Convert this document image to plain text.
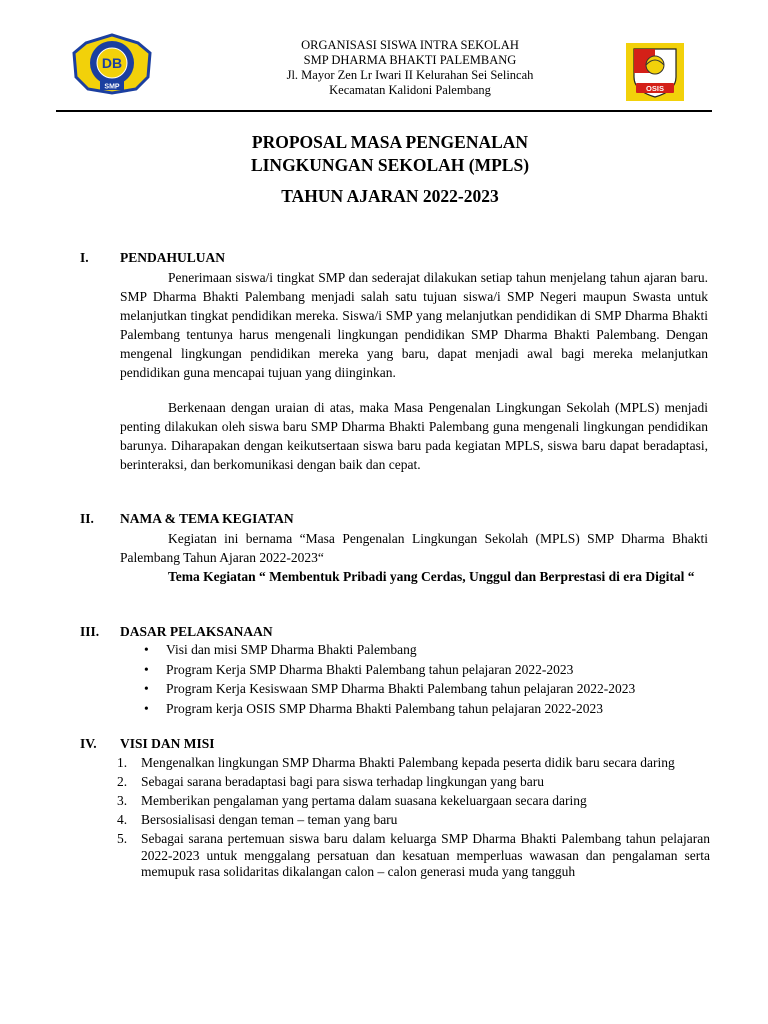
DB
SMP
ORGANISASI SISWA INTRA SEKOLAH
SMP DHARMA BHAKTI PALEMBANG
Jl. Mayor Zen Lr Iwari II Kelurahan Sei Selincah
Kecamatan Kalidoni Palembang	OSIS
PROPOSAL MASA PENGENALAN
LINGKUNGAN SEKOLAH (MPLS)
TAHUN AJARAN 2022-2023
I. PENDAHULUAN
Penerimaan siswa/i tingkat SMP dan sederajat dilakukan setiap tahun menjelang tahun ajaran baru. SMP Dharma Bhakti Palembang menjadi salah satu tujuan siswa/i SMP Negeri maupun Swasta untuk melanjutkan tingkat pendidikan mereka. Siswa/i SMP yang melanjutkan pendidikan di SMP Dharma Bhakti Palembang tentunya harus mengenali lingkungan pendidikan SMP Dharma Bhakti Palembang. Dengan mengenal lingkungan pendidikan mereka yang baru, dapat menjadi awal bagi mereka melanjutkan pendidikan guna mencapai tujuan yang diinginkan.
Berkenaan dengan uraian di atas, maka Masa Pengenalan Lingkungan Sekolah (MPLS) menjadi penting dilakukan oleh siswa baru SMP Dharma Bhakti Palembang guna mengenali lingkungan pendidikan barunya. Diharapakan dengan keikutsertaan siswa baru pada kegiatan MPLS, siswa baru dapat beradaptasi, berinteraksi, dan berkomunikasi dengan baik dan cepat.
II. NAMA & TEMA KEGIATAN
Kegiatan ini bernama “Masa Pengenalan Lingkungan Sekolah (MPLS) SMP Dharma Bhakti Palembang Tahun Ajaran 2022-2023“
Tema Kegiatan “ Membentuk Pribadi yang Cerdas, Unggul dan Berprestasi di era Digital “
III. DASAR PELAKSANAAN
• Visi dan misi SMP Dharma Bhakti Palembang
• Program Kerja SMP Dharma Bhakti Palembang tahun pelajaran 2022-2023
• Program Kerja Kesiswaan SMP Dharma Bhakti Palembang tahun pelajaran 2022-2023
• Program kerja OSIS SMP Dharma Bhakti Palembang tahun pelajaran 2022-2023
IV. VISI DAN MISI
1. Mengenalkan lingkungan SMP Dharma Bhakti Palembang kepada peserta didik baru secara daring
2. Sebagai sarana beradaptasi bagi para siswa terhadap lingkungan yang baru
3. Memberikan pengalaman yang pertama dalam suasana kekeluargaan secara daring
4. Bersosialisasi dengan teman – teman yang baru
5. Sebagai sarana pertemuan siswa baru dalam keluarga SMP Dharma Bhakti Palembang tahun pelajaran 2022-2023 untuk menggalang persatuan dan kesatuan memperluas wawasan dan pengalaman serta memupuk rasa solidaritas dikalangan calon – calon generasi muda yang tangguh
